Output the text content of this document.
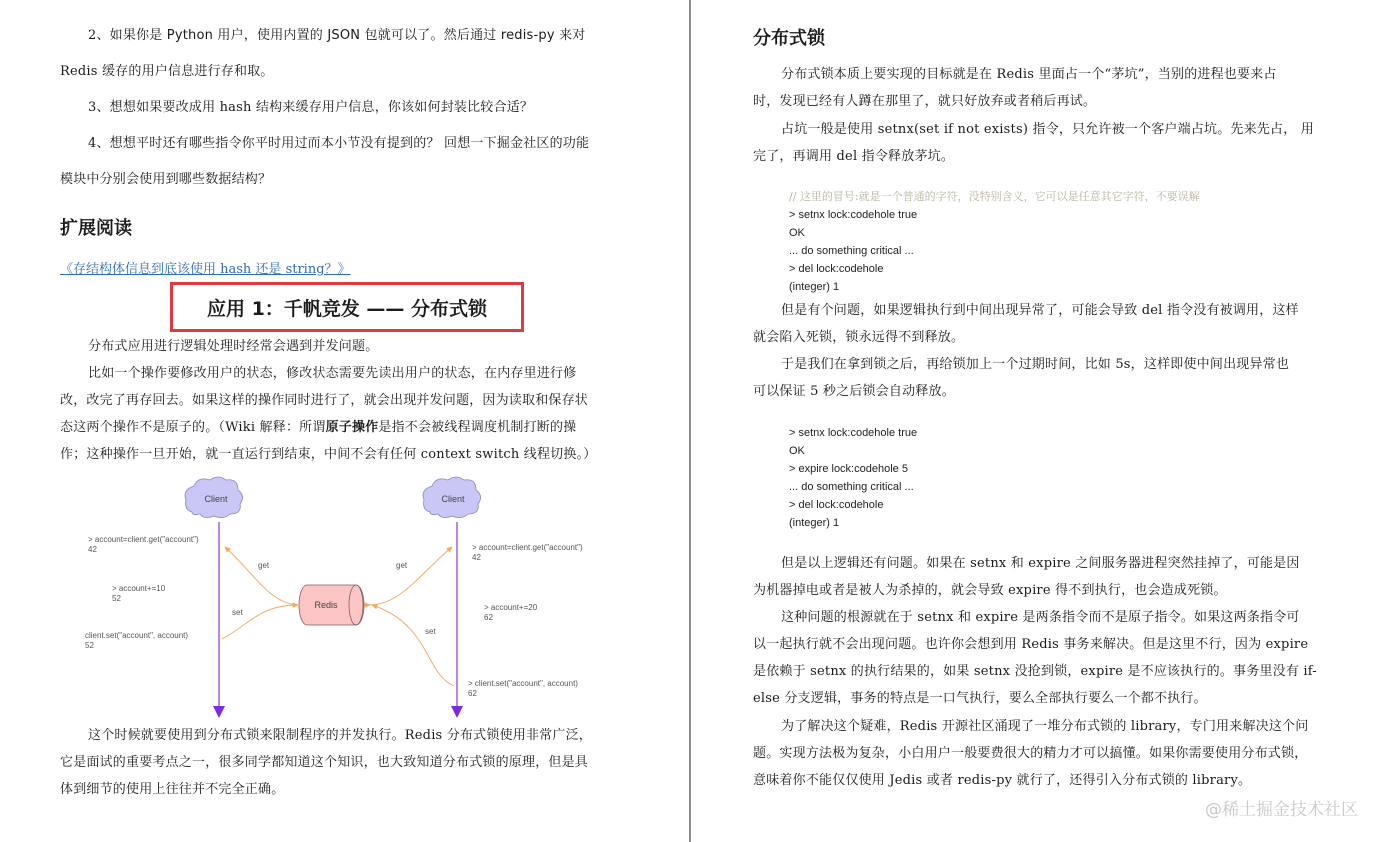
2、如果你是 Python 用户，使用内置的 JSON 包就可以了。然后通过 redis-py 来对
Redis 缓存的用户信息进行存和取。
3、想想如果要改成用 hash 结构来缓存用户信息，你该如何封装比较合适？
4、想想平时还有哪些指令你平时用过而本小节没有提到的？ 回想一下掘金社区的功能
模块中分别会使用到哪些数据结构？
扩展阅读
《存结构体信息到底该使用 hash 还是 string？》
应用 1：千帆竞发 —— 分布式锁
分布式应用进行逻辑处理时经常会遇到并发问题。
比如一个操作要修改用户的状态，修改状态需要先读出用户的状态，在内存里进行修
改，改完了再存回去。如果这样的操作同时进行了，就会出现并发问题，因为读取和保存状
态这两个操作不是原子的。（Wiki 解释：所谓原子操作是指不会被线程调度机制打断的操
作；这种操作一旦开始，就一直运行到结束，中间不会有任何 context switch 线程切换。）
Client	Client
Redis
get
set
get
set
> account=client.get("account")
42
> account+=10
52
client.set("account", account)
52
> account=client.get("account")
42
> account+=20
62
> client.set("account", account)
62
这个时候就要使用到分布式锁来限制程序的并发执行。Redis 分布式锁使用非常广泛，
它是面试的重要考点之一，很多同学都知道这个知识，也大致知道分布式锁的原理，但是具
体到细节的使用上往往并不完全正确。
分布式锁
分布式锁本质上要实现的目标就是在 Redis 里面占一个“茅坑”，当别的进程也要来占
时，发现已经有人蹲在那里了，就只好放弃或者稍后再试。
占坑一般是使用 setnx(set if not exists) 指令，只允许被一个客户端占坑。先来先占， 用
完了，再调用 del 指令释放茅坑。
// 这里的冒号:就是一个普通的字符，没特别含义，它可以是任意其它字符，不要误解
> setnx lock:codehole true
OK
... do something critical ...
> del lock:codehole
(integer) 1
但是有个问题，如果逻辑执行到中间出现异常了，可能会导致 del 指令没有被调用，这样
就会陷入死锁，锁永远得不到释放。
于是我们在拿到锁之后，再给锁加上一个过期时间，比如 5s，这样即使中间出现异常也
可以保证 5 秒之后锁会自动释放。
> setnx lock:codehole true
OK
> expire lock:codehole 5
... do something critical ...
> del lock:codehole
(integer) 1
但是以上逻辑还有问题。如果在 setnx 和 expire 之间服务器进程突然挂掉了，可能是因
为机器掉电或者是被人为杀掉的，就会导致 expire 得不到执行，也会造成死锁。
这种问题的根源就在于 setnx 和 expire 是两条指令而不是原子指令。如果这两条指令可
以一起执行就不会出现问题。也许你会想到用 Redis 事务来解决。但是这里不行，因为 expire
是依赖于 setnx 的执行结果的，如果 setnx 没抢到锁，expire 是不应该执行的。事务里没有 if-
else 分支逻辑，事务的特点是一口气执行，要么全部执行要么一个都不执行。
为了解决这个疑难，Redis 开源社区涌现了一堆分布式锁的 library，专门用来解决这个问
题。实现方法极为复杂，小白用户一般要费很大的精力才可以搞懂。如果你需要使用分布式锁，
意味着你不能仅仅使用 Jedis 或者 redis-py 就行了，还得引入分布式锁的 library。
@稀土掘金技术社区
